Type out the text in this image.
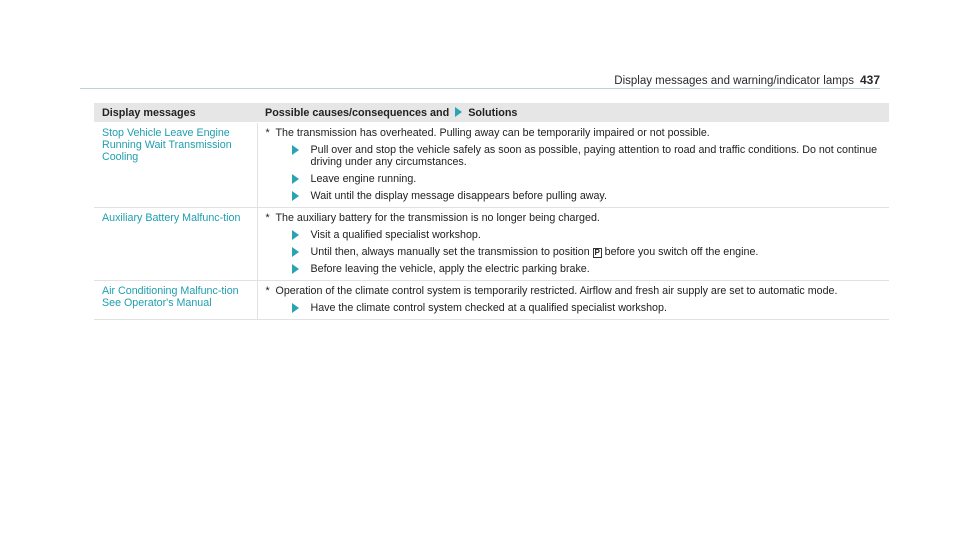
Display messages and warning/indicator lamps 437
Display messages	Possible causes/consequences and Solutions
Stop Vehicle Leave Engine Running Wait Transmission Cooling	* The transmission has overheated. Pulling away can be temporarily impaired or not possible.
Pull over and stop the vehicle safely as soon as possible, paying attention to road and traffic conditions. Do not continue driving under any circumstances.
Leave engine running.
Wait until the display message disappears before pulling away.

Auxiliary Battery Malfunc-tion	* The auxiliary battery for the transmission is no longer being charged.
Visit a qualified specialist workshop.
Until then, always manually set the transmission to position P before you switch off the engine.
Before leaving the vehicle, apply the electric parking brake.

Air Conditioning Malfunc-tion See Operator's Manual	* Operation of the climate control system is temporarily restricted. Airflow and fresh air supply are set to automatic mode.
Have the climate control system checked at a qualified specialist workshop.
